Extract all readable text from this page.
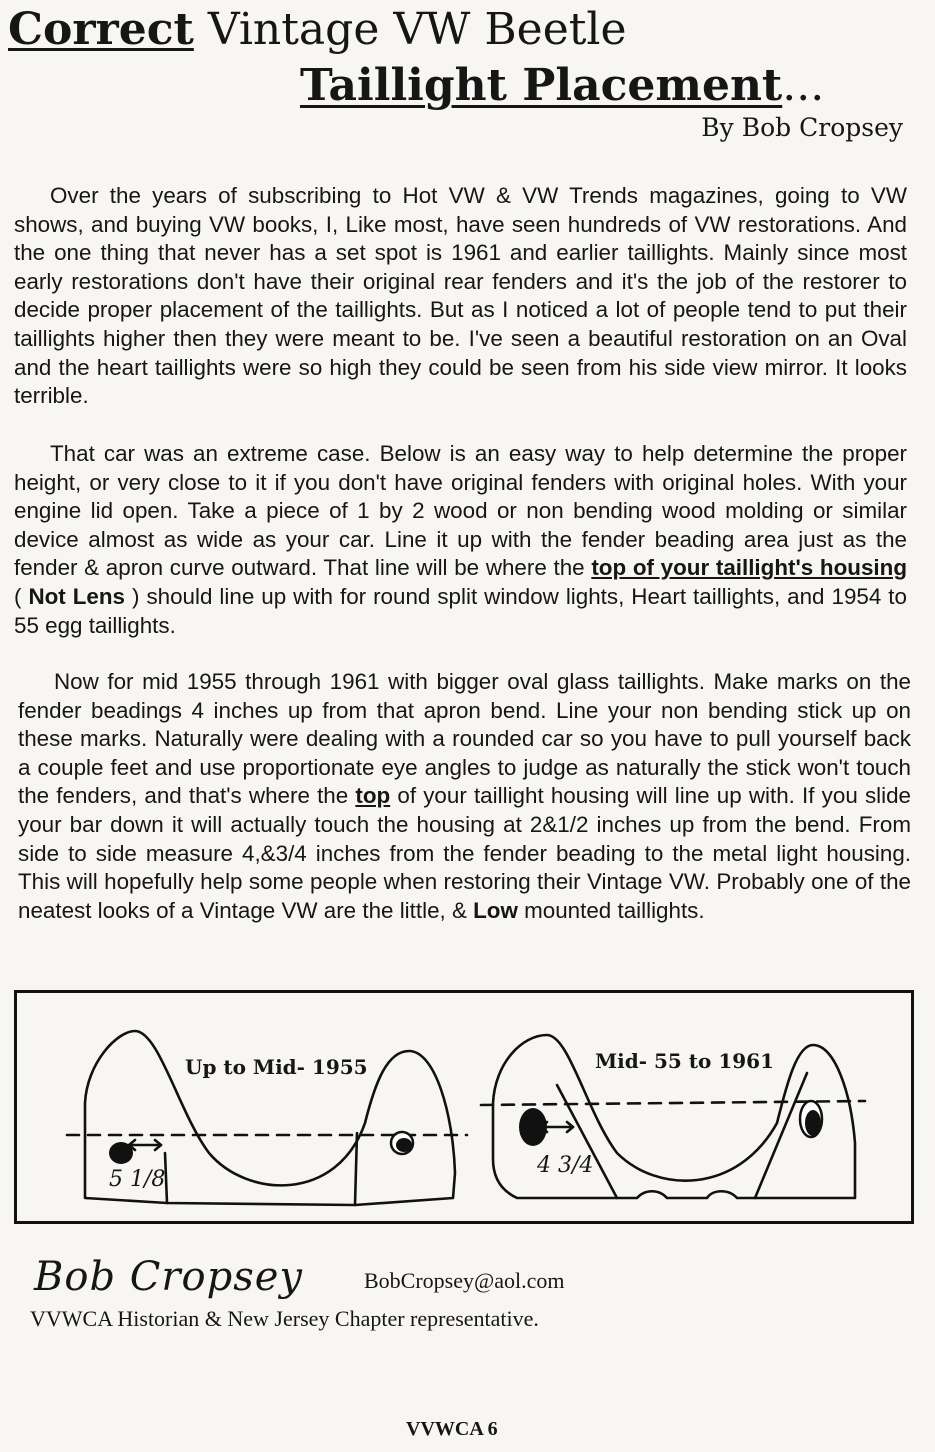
Correct Vintage VW Beetle
Taillight Placement...
By Bob Cropsey

Over the years of subscribing to Hot VW & VW Trends magazines, going to VW shows, and buying VW books, I, Like most, have seen hundreds of VW restorations. And the one thing that never has a set spot is 1961 and earlier taillights. Mainly since most early restorations don't have their original rear fenders and it's the job of the restorer to decide proper placement of the taillights. But as I noticed a lot of people tend to put their taillights higher then they were meant to be. I've seen a beautiful restoration on an Oval and the heart taillights were so high they could be seen from his side view mirror. It looks terrible.

That car was an extreme case. Below is an easy way to help determine the proper height, or very close to it if you don't have original fenders with original holes. With your engine lid open. Take a piece of 1 by 2 wood or non bending wood molding or similar device almost as wide as your car. Line it up with the fender beading area just as the fender & apron curve outward. That line will be where the top of your taillight's housing ( Not Lens ) should line up with for round split window lights, Heart taillights, and 1954 to 55 egg taillights.

Now for mid 1955 through 1961 with bigger oval glass taillights. Make marks on the fender beadings 4 inches up from that apron bend. Line your non bending stick up on these marks. Naturally were dealing with a rounded car so you have to pull yourself back a couple feet and use proportionate eye angles to judge as naturally the stick won't touch the fenders, and that's where the top of your taillight housing will line up with. If you slide your bar down it will actually touch the housing at 2&1/2 inches up from the bend. From side to side measure 4,&3/4 inches from the fender beading to the metal light housing. This will hopefully help some people when restoring their Vintage VW. Probably one of the neatest looks of a Vintage VW are the little, & Low mounted taillights.

Up to Mid- 1955	Mid- 55 to 1961
5 1/8
4 3/4
Bob Cropsey	BobCropsey@aol.com
VVWCA Historian & New Jersey Chapter representative.
VVWCA 6
